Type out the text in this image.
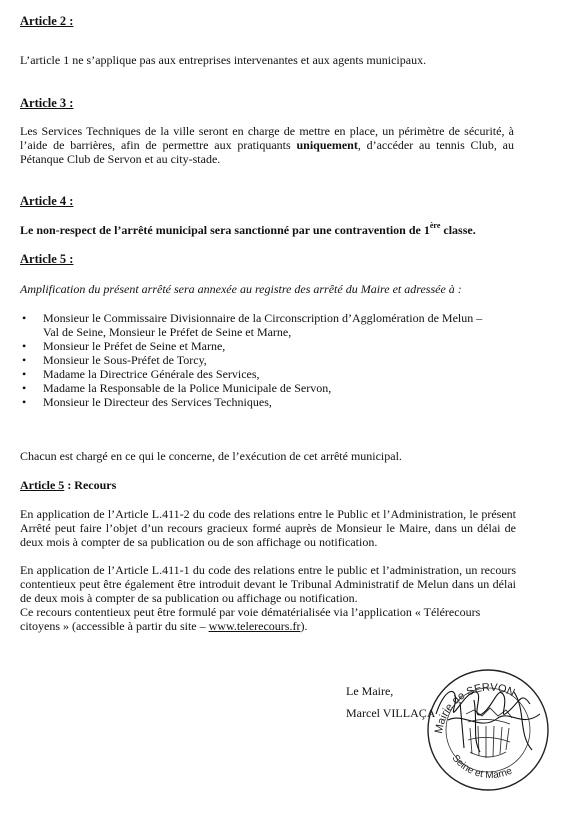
Article 2 :
L’article 1 ne s’applique pas aux entreprises intervenantes et aux agents municipaux.
Article 3 :
Les Services Techniques de la ville seront en charge de mettre en place, un périmètre de sécurité, à l’aide de barrières, afin de permettre aux pratiquants uniquement, d’accéder au tennis Club, au Pétanque Club de Servon et au city-stade.
Article 4 :
Le non-respect de l’arrêté municipal sera sanctionné par une contravention de 1ère classe.
Article 5 :
Amplification du présent arrêté sera annexée au registre des arrêté du Maire et adressée à :
• Monsieur le Commissaire Divisionnaire de la Circonscription d’Agglomération de Melun – Val de Seine, Monsieur le Préfet de Seine et Marne,
• Monsieur le Préfet de Seine et Marne,
• Monsieur le Sous-Préfet de Torcy,
• Madame la Directrice Générale des Services,
• Madame la Responsable de la Police Municipale de Servon,
• Monsieur le Directeur des Services Techniques,
Chacun est chargé en ce qui le concerne, de l’exécution de cet arrêté municipal.
Article 5 : Recours
En application de l’Article L.411-2 du code des relations entre le Public et l’Administration, le présent Arrêté peut faire l’objet d’un recours gracieux formé auprès de Monsieur le Maire, dans un délai de deux mois à compter de sa publication ou de son affichage ou notification.
En application de l’Article L.411-1 du code des relations entre le public et l’administration, un recours contentieux peut être également être introduit devant le Tribunal Administratif de Melun dans un délai de deux mois à compter de sa publication ou affichage ou notification.
Ce recours contentieux peut être formulé par voie dématérialisée via l’application « Télérecours citoyens » (accessible à partir du site – www.telerecours.fr).
Le Maire,
Marcel VILLAÇA
Mairie de SERVON
Seine et Marne
